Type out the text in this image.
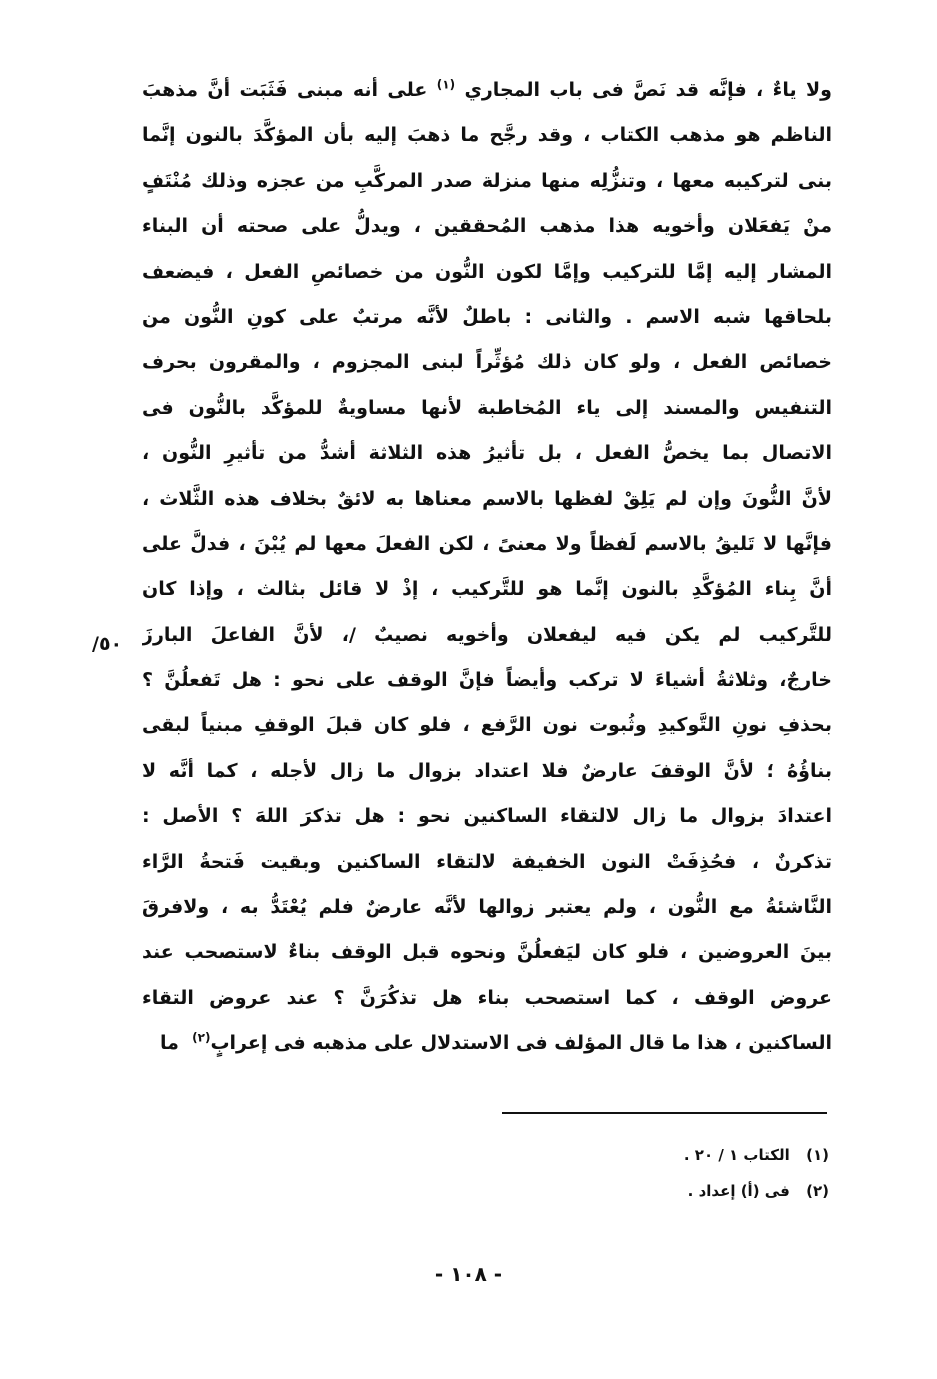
ولا ياءٌ ، فإنَّه قد نَصَّ فى باب المجاري $^{(١)}$ على أنه مبنى فَثَبَت أنَّ مذهبَ
الناظم هو مذهب الكتاب ، وقد رجَّح ما ذهبَ إليه بأن المؤكَّدَ بالنون إنَّما
بنى لتركيبه معها ، وتنزُّلِه منها منزلة صدر المركَّبِ من عجزه وذلك مُنْتَفٍ
منْ يَفعَلان وأخويه هذا مذهب المُحققين ، ويدلُّ على صحته أن البناء
المشار إليه إمَّا للتركيب وإمَّا لكون النُّون من خصائصِ الفعل ، فيضعف
بلحاقها شبه الاسم . والثانى : باطلٌ لأنَّه مرتبٌ على كونِ النُّون من
خصائص الفعل ، ولو كان ذلك مُؤثِّراً لبنى المجزوم ، والمقرون بحرف
التنفيس والمسند إلى ياء المُخاطبة لأنها مساويةٌ للمؤكَّد بالنُّون فى
الاتصال بما يخصُّ الفعل ، بل تأثيرُ هذه الثلاثة أشدُّ من تأثيرِ النُّون ،
لأنَّ النُّونَ وإن لم يَلِقْ لفظها بالاسم معناها به لائقٌ بخلاف هذه الثَّلاث ،
فإنَّها لا تَليقُ بالاسم لَفظاً ولا معنىً ، لكن الفعلَ معها لم يُبْنَ ، فدلَّ على
أنَّ بِناء المُؤكَّدِ بالنون إنَّما هو للتَّركيب ، إذْ لا قائل بثالث ، وإذا كان
للتَّركيب لم يكن فيه ليفعلان وأخويه نصيبٌ /، لأنَّ الفاعلَ البارزَ
خارجٌ، وثلاثةُ أشياءَ لا تركب وأيضاً فإنَّ الوقف على نحو : هل تَفعلُنَّ ؟
بحذفِ نونِ التَّوكيدِ وثُبوت نون الرَّفع ، فلو كان قبلَ الوقفِ مبنياً لبقى
بناؤُهُ ؛ لأنَّ الوقفَ عارضٌ فلا اعتداد بزوال ما زال لأجله ، كما أنَّه لا
اعتدادَ بزوال ما زال لالتقاء الساكنين نحو : هل تذكرَ اللهَ ؟ الأصل :
تذكرنٌ ، فحُذِفَتْ النون الخفيفة لالتقاء الساكنين وبقيت فَتحةُ الرَّاء
النَّاشئةُ مع النُّون ، ولم يعتبر زوالها لأنَّه عارضٌ فلم يُعْتَدُّ به ، ولافرقَ
بينَ العروضين ، فلو كان ليَفعلُنَّ ونحوه قبل الوقف بناءٌ لاستصحب عند
عروض الوقف ، كما استصحب بناء هل تذكُرَنَّ ؟ عند عروض التقاء
الساكنين ، هذا ما قال المؤلف فى الاستدلال على مذهبه فى إعرابٍ$^{(٢)}$  ما
٥٠/
(١) الكتاب ١ / ٢٠ .
(٢) فى (أ) إعداد .
- ١٠٨ -
